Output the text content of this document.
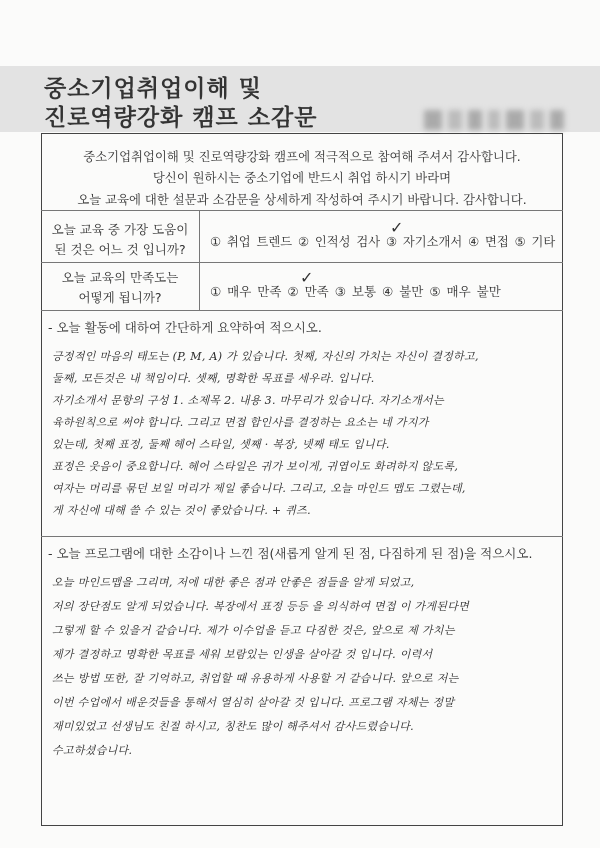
중소기업취업이해 및
진로역량강화 캠프 소감문
중소기업취업이해 및 진로역량강화 캠프에 적극적으로 참여해 주셔서 감사합니다.
당신이 원하시는 중소기업에 반드시 취업 하시기 바라며
오늘 교육에 대한 설문과 소감문을 상세하게 작성하여 주시기 바랍니다. 감사합니다.
오늘 교육 중 가장 도움이
된 것은 어느 것 입니까?
① 취업 트렌드 ② 인적성 검사 ③ 자기소개서 ④ 면접 ⑤ 기타
✓
오늘 교육의 만족도는
어떻게 됩니까?	① 매우 만족 ② 만족 ③ 보통 ④ 불만 ⑤ 매우 불만
✓
- 오늘 활동에 대하여 간단하게 요약하여 적으시오.
긍정적인 마음의 태도는 (P, M, A) 가 있습니다. 첫째, 자신의 가치는 자신이 결정하고,
둘째, 모든것은 내 책임이다. 셋째, 명확한 목표를 세우라. 입니다.
자기소개서 문항의 구성 1. 소제목 2. 내용 3. 마무리가 있습니다. 자기소개서는
육하원칙으로 써야 합니다. 그리고 면접 합인사를 결정하는 요소는 네 가지가
있는데, 첫째 표정, 둘째 헤어 스타일, 셋째 · 복장, 넷째 태도 입니다.
표정은 웃음이 중요합니다. 헤어 스타일은 귀가 보이게, 귀엽이도 화려하지 않도록,
여자는 머리를 묶던 보일 머리가 제일 좋습니다. 그리고, 오늘 마인드 맵도 그렸는데,
게 자신에 대해 쓸 수 있는 것이 좋았습니다. + 퀴즈.
- 오늘 프로그램에 대한 소감이나 느낀 점(새롭게 알게 된 점, 다짐하게 된 점)을 적으시오.
오늘 마인드맵을 그리며, 저에 대한 좋은 점과 안좋은 점들을 알게 되었고,
저의 장단점도 알게 되었습니다. 복장에서 표정 등등 을 의식하여 면접 이 가게된다면
그렇게 할 수 있을거 같습니다. 제가 이수업을 듣고 다짐한 것은, 앞으로 제 가치는
제가 결정하고 명확한 목표를 세워 보람있는 인생을 살아갈 것 입니다. 이력서
쓰는 방법 또한, 잘 기억하고, 취업할 때 유용하게 사용할 거 같습니다. 앞으로 저는
이번 수업에서 배운것들을 통해서 열심히 살아갈 것 입니다. 프로그램 자체는 정말
재미있었고 선생님도 친절 하시고, 칭찬도 많이 해주셔서 감사드렸습니다.
수고하셨습니다.
